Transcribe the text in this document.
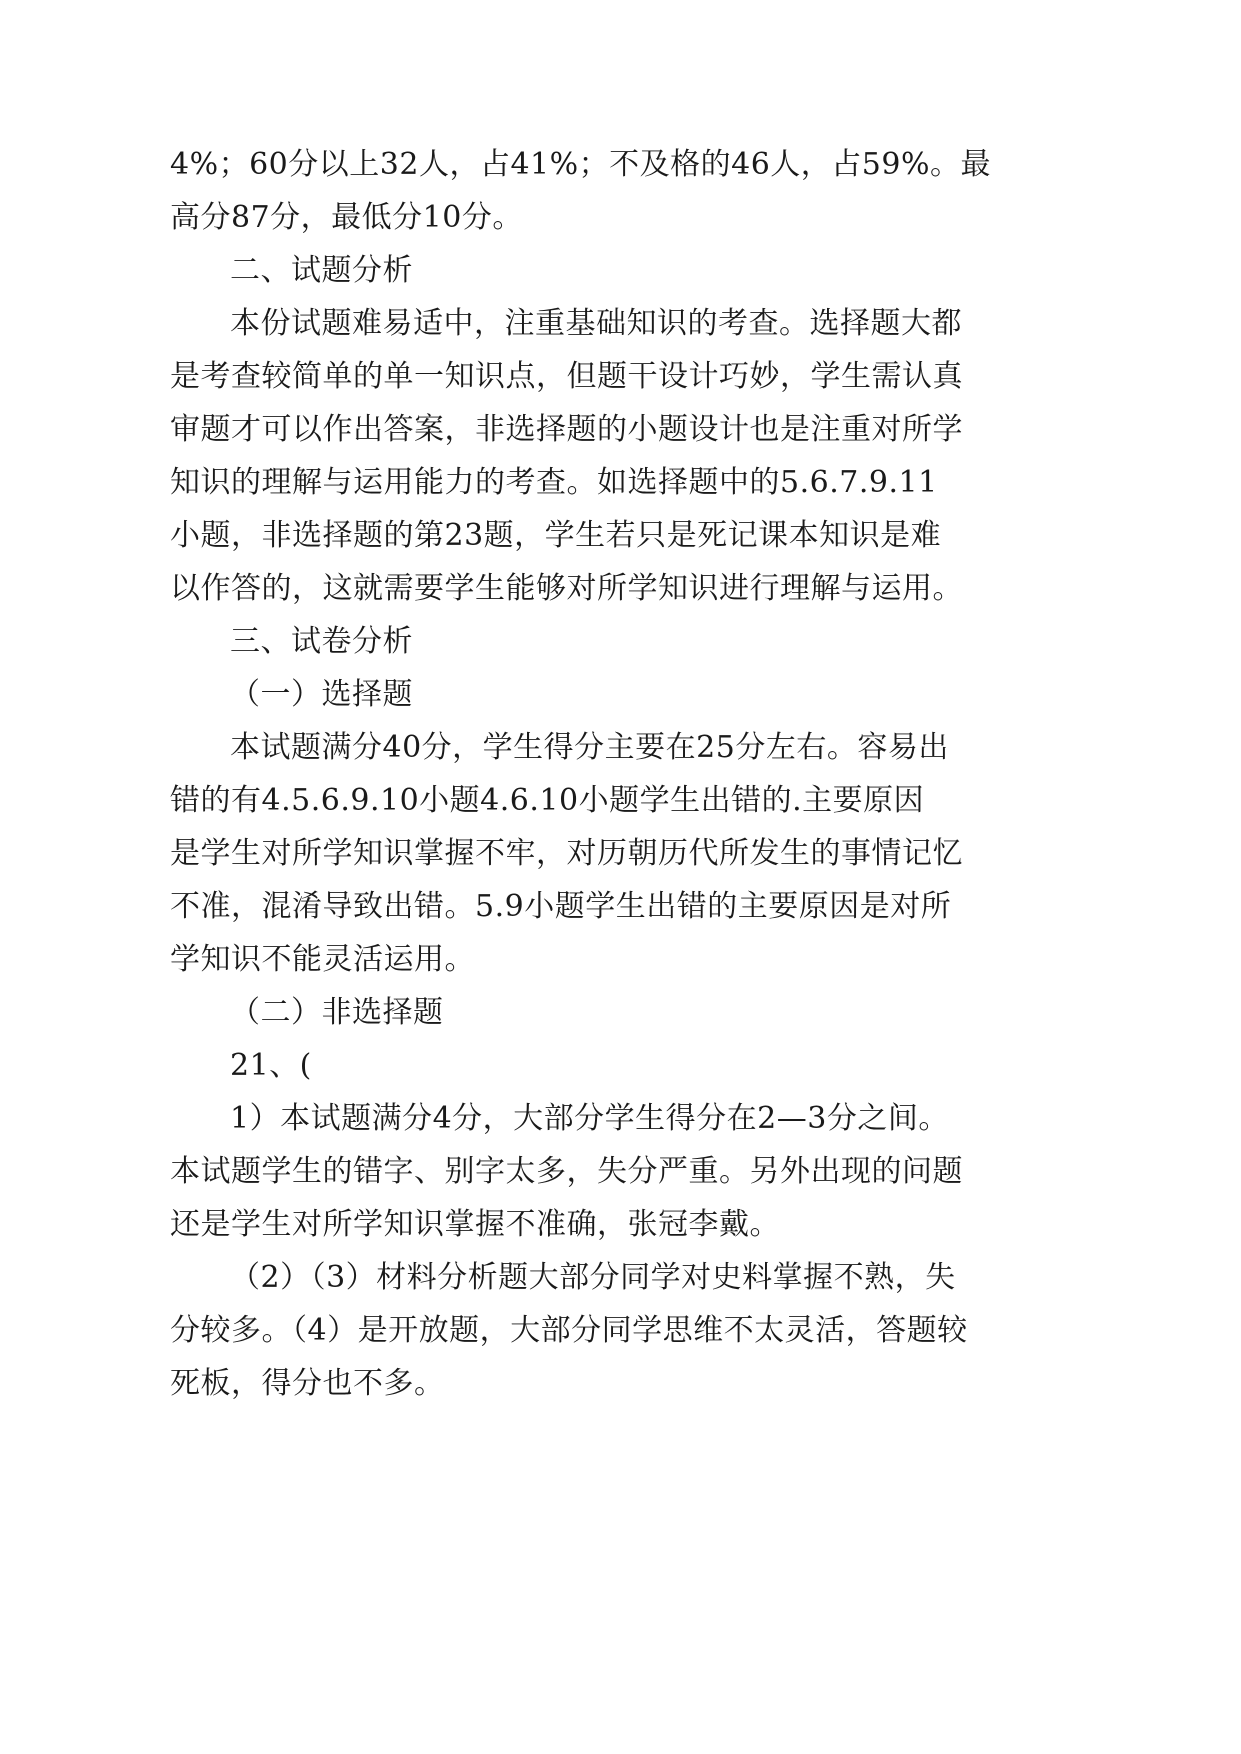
4%；60分以上32人，占41%；不及格的46人，占59%。最
高分87分，最低分10分。
二、试题分析
本份试题难易适中，注重基础知识的考查。选择题大都
是考查较简单的单一知识点，但题干设计巧妙，学生需认真
审题才可以作出答案，非选择题的小题设计也是注重对所学
知识的理解与运用能力的考查。如选择题中的5.6.7.9.11
小题，非选择题的第23题，学生若只是死记课本知识是难
以作答的，这就需要学生能够对所学知识进行理解与运用。
三、试卷分析
（一）选择题
本试题满分40分，学生得分主要在25分左右。容易出
错的有4.5.6.9.10小题4.6.10小题学生出错的.主要原因
是学生对所学知识掌握不牢，对历朝历代所发生的事情记忆
不准，混淆导致出错。5.9小题学生出错的主要原因是对所
学知识不能灵活运用。
（二）非选择题
21、(
1）本试题满分4分，大部分学生得分在2—3分之间。
本试题学生的错字、别字太多，失分严重。另外出现的问题
还是学生对所学知识掌握不准确，张冠李戴。
（2）（3）材料分析题大部分同学对史料掌握不熟，失
分较多。（4）是开放题，大部分同学思维不太灵活，答题较
死板，得分也不多。
